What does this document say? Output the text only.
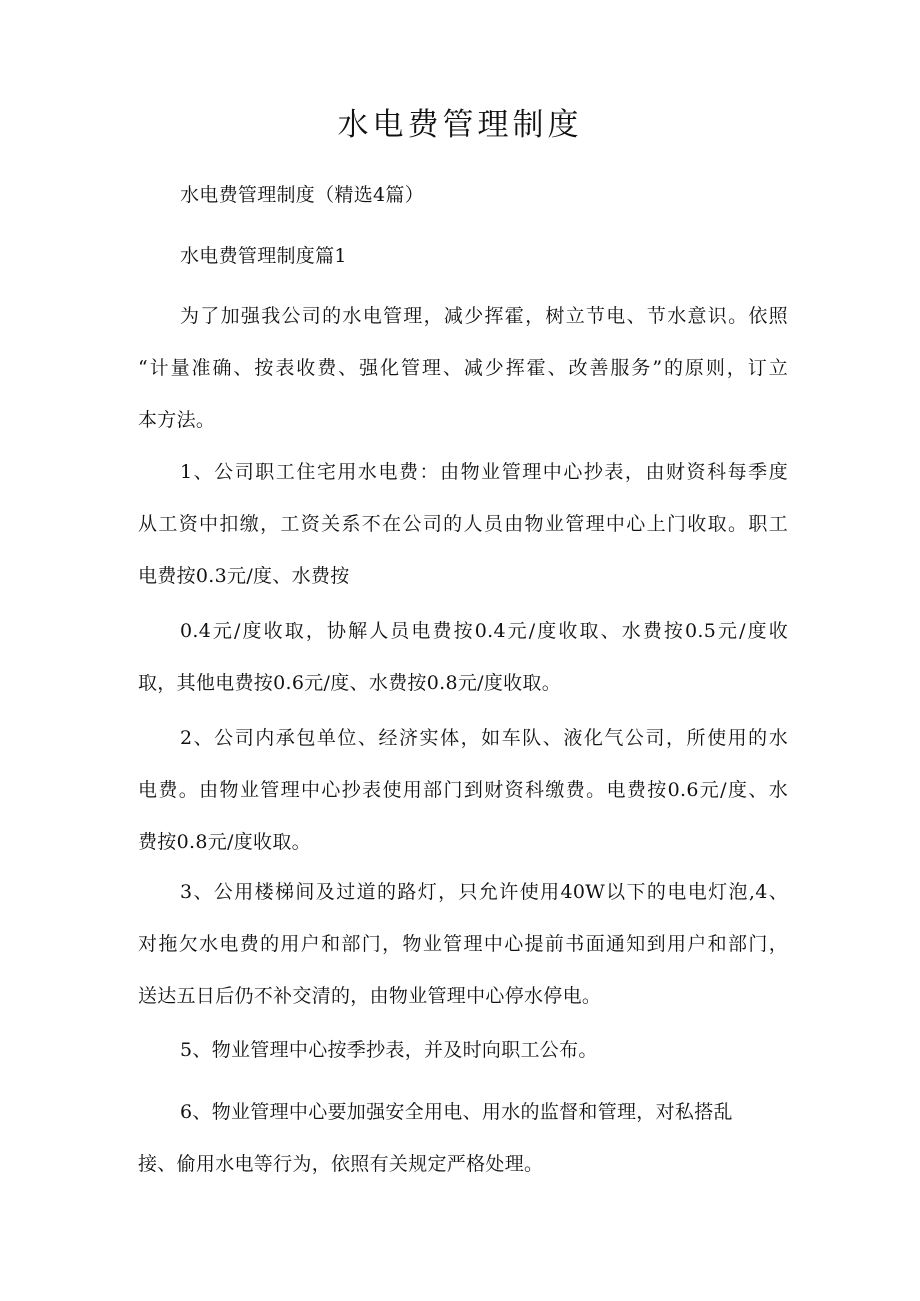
水电费管理制度
水电费管理制度（精选4篇）
水电费管理制度篇1
为了加强我公司的水电管理，减少挥霍，树立节电、节水意识。依照
“计量准确、按表收费、强化管理、减少挥霍、改善服务”的原则，订立
本方法。
1、公司职工住宅用水电费：由物业管理中心抄表，由财资科每季度
从工资中扣缴，工资关系不在公司的人员由物业管理中心上门收取。职工
电费按0.3元/度、水费按
0.4元/度收取，协解人员电费按0.4元/度收取、水费按0.5元/度收
取，其他电费按0.6元/度、水费按0.8元/度收取。
2、公司内承包单位、经济实体，如车队、液化气公司，所使用的水
电费。由物业管理中心抄表使用部门到财资科缴费。电费按0.6元/度、水
费按0.8元/度收取。
3、公用楼梯间及过道的路灯，只允许使用40W以下的电电灯泡,4、
对拖欠水电费的用户和部门，物业管理中心提前书面通知到用户和部门，
送达五日后仍不补交清的，由物业管理中心停水停电。
5、物业管理中心按季抄表，并及时向职工公布。
6、物业管理中心要加强安全用电、用水的监督和管理，对私搭乱
接、偷用水电等行为，依照有关规定严格处理。
